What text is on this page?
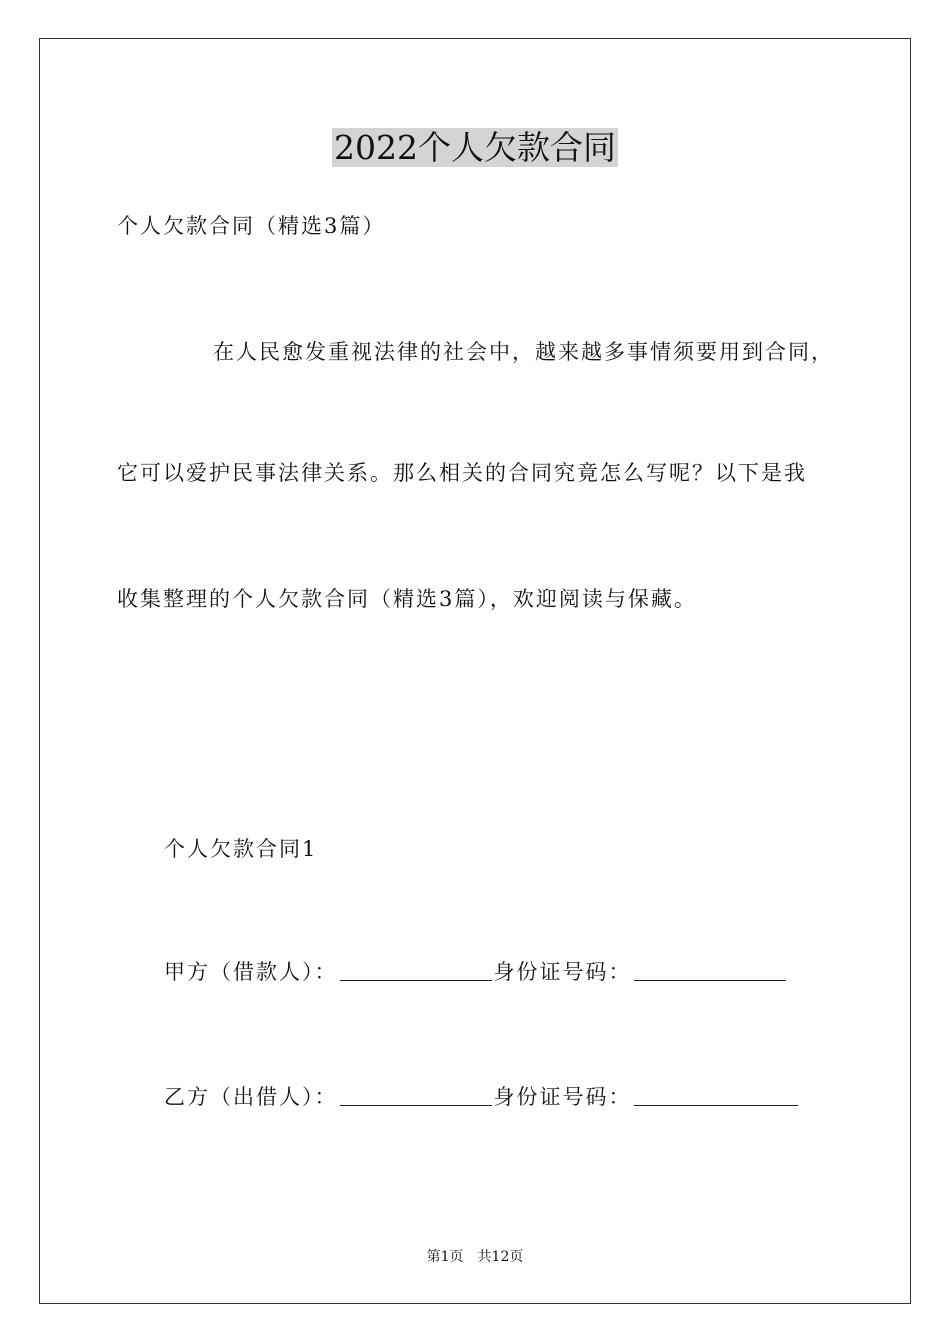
2022个人欠款合同
个人欠款合同（精选3篇）
在人民愈发重视法律的社会中，越来越多事情须要用到合同，
它可以爱护民事法律关系。那么相关的合同究竟怎么写呢？以下是我
收集整理的个人欠款合同（精选3篇），欢迎阅读与保藏。
个人欠款合同1
甲方（借款人）：	身份证号码：
乙方（出借人）：	身份证号码：
第1页 共12页
